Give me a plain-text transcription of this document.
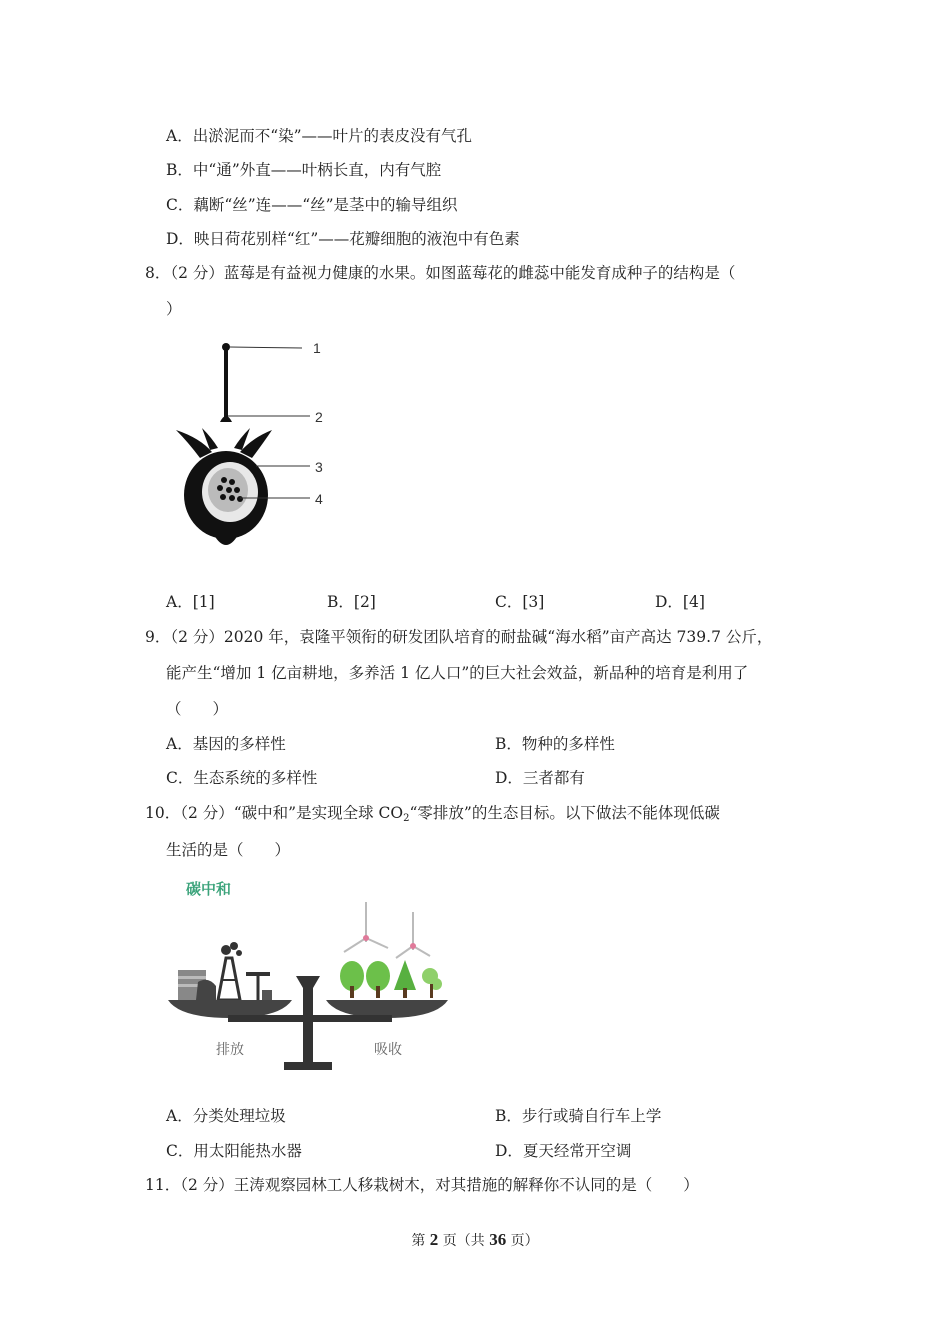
A．出淤泥而不“染”——叶片的表皮没有气孔
B．中“通”外直——叶柄长直，内有气腔
C．藕断“丝”连——“丝”是茎中的输导组织
D．映日荷花别样“红”——花瓣细胞的液泡中有色素
8．（2 分）蓝莓是有益视力健康的水果。如图蓝莓花的雌蕊中能发育成种子的结构是（
）
1
2
3
4
A．[1]	B．[2]	C．[3]	D．[4]
9．（2 分）2020 年，袁隆平领衔的研发团队培育的耐盐碱“海水稻”亩产高达 739.7 公斤，
能产生“增加 1 亿亩耕地，多养活 1 亿人口”的巨大社会效益，新品种的培育是利用了
（　　）
A．基因的多样性	B．物种的多样性
C．生态系统的多样性	D．三者都有
10．（2 分）“碳中和”是实现全球 $CO_2“$零排放”的生态目标。以下做法不能体现低碳
生活的是（　　）
碳中和
排放	吸收
A．分类处理垃圾	B．步行或骑自行车上学
C．用太阳能热水器	D．夏天经常开空调
11．（2 分）王涛观察园林工人移栽树木，对其措施的解释你不认同的是（　　）
第 2 页（共 36 页）
